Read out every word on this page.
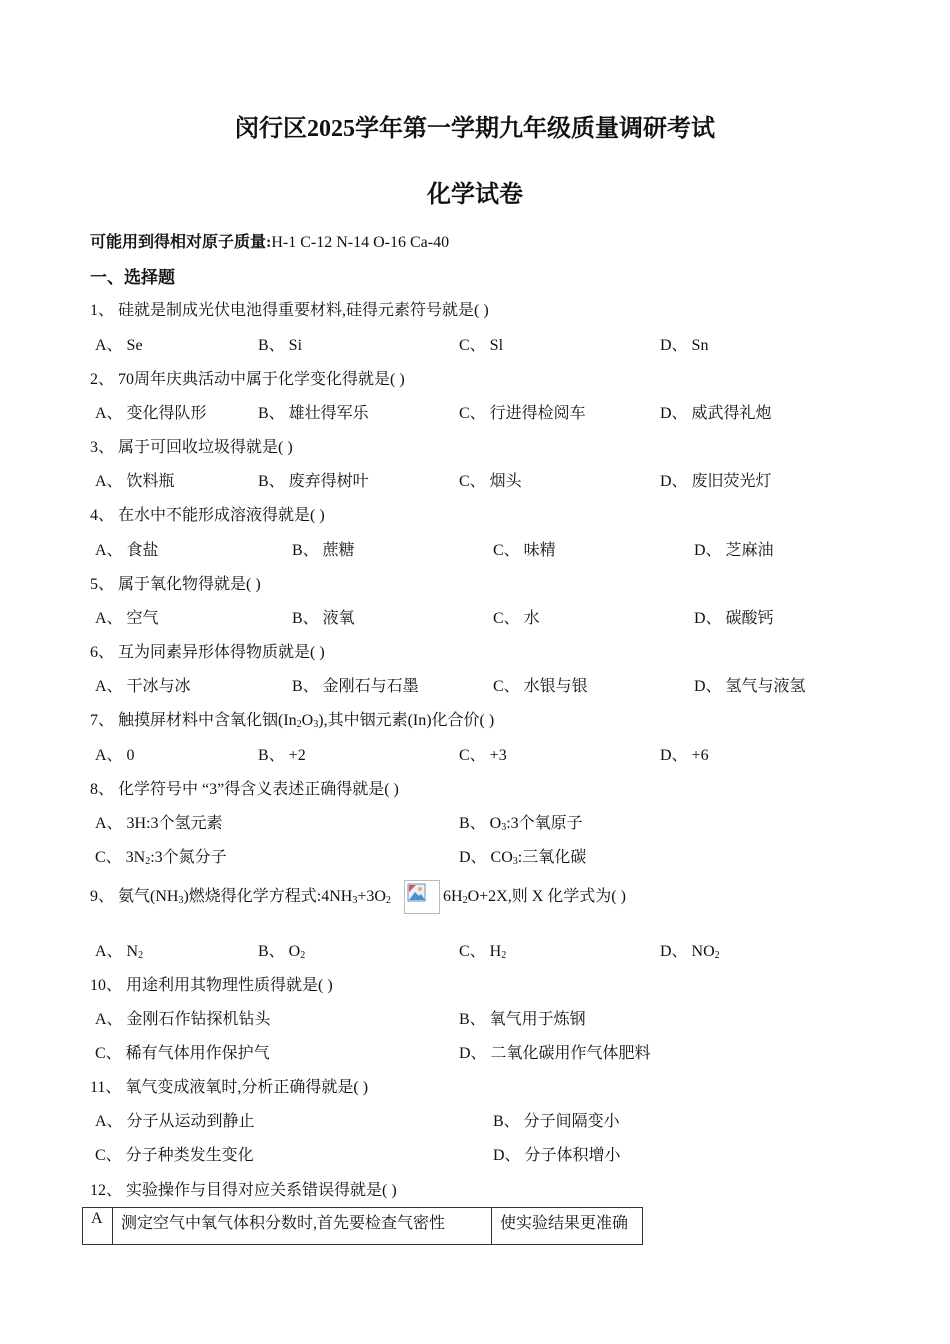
闵行区2025学年第一学期九年级质量调研考试
化学试卷
可能用到得相对原子质量:H-1 C-12 N-14 O-16 Ca-40
一、选择题
1、 硅就是制成光伏电池得重要材料,硅得元素符号就是( )
A、 Se	B、 Si	C、 Sl	D、 Sn
2、 70周年庆典活动中属于化学变化得就是( )
A、 变化得队形	B、 雄壮得军乐	C、 行进得检阅车	D、 威武得礼炮
3、 属于可回收垃圾得就是( )
A、 饮料瓶	B、 废弃得树叶	C、 烟头	D、 废旧荧光灯
4、 在水中不能形成溶液得就是( )
A、 食盐	B、 蔗糖	C、 味精	D、 芝麻油
5、 属于氧化物得就是( )
A、 空气	B、 液氧	C、 水	D、 碳酸钙
6、 互为同素异形体得物质就是( )
A、 干冰与冰	B、 金刚石与石墨	C、 水银与银	D、 氢气与液氢
7、 触摸屏材料中含氧化铟$(In_2O_3)$,其中铟元素(In)化合价( )
A、 0	B、 +2	C、 +3	D、 +6
8、 化学符号中 “3”得含义表述正确得就是( )
A、 3H:3个氢元素	B、 $O_3:3$个氧原子
C、 $3N_2:3$个氮分子	D、 $CO_3$:三氧化碳
9、 氨气$(NH_3)$燃烧得化学方程式$:4NH_3+3O_2$	$6H_2O+2X$,则 X 化学式为( )
A、 $N_2$	B、 $O_2$	C、 $H_2$	D、 $NO_2$
10、 用途利用其物理性质得就是( )
A、 金刚石作钻探机钻头	B、 氧气用于炼钢
C、 稀有气体用作保护气	D、 二氧化碳用作气体肥料
11、 氧气变成液氧时,分析正确得就是( )
A、 分子从运动到静止	B、 分子间隔变小
C、 分子种类发生变化	D、 分子体积增小
12、 实验操作与目得对应关系错误得就是( )
A	测定空气中氧气体积分数时,首先要检查气密性	使实验结果更准确
